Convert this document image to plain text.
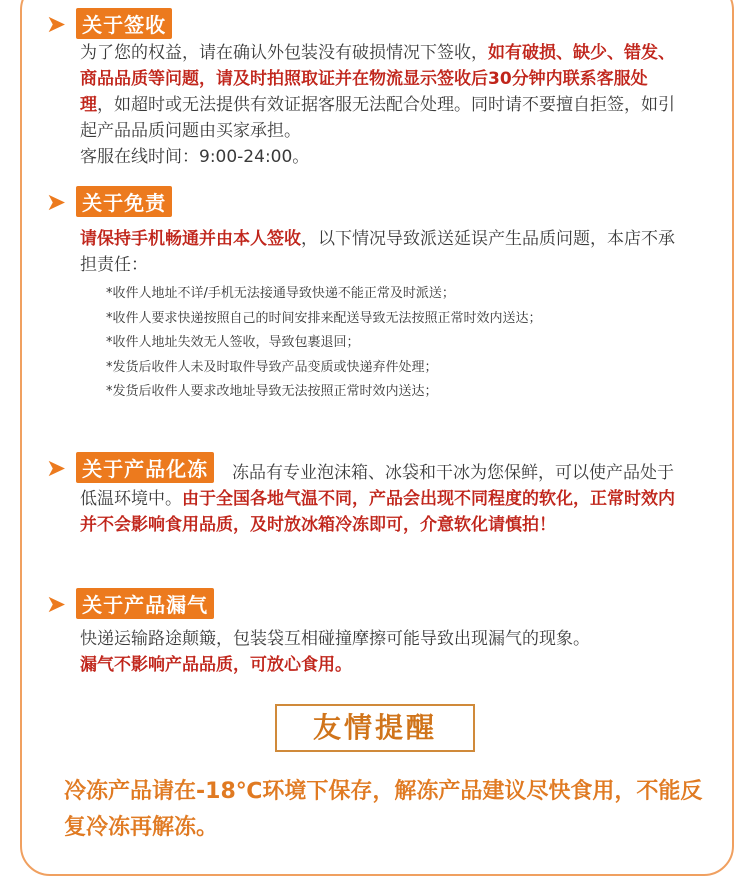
➤ 关于签收
为了您的权益，请在确认外包装没有破损情况下签收，如有破损、缺少、错发、商品品质等问题，请及时拍照取证并在物流显示签收后30分钟内联系客服处理，如超时或无法提供有效证据客服无法配合处理。同时请不要擅自拒签，如引起产品品质问题由买家承担。
客服在线时间：9:00-24:00。
➤ 关于免责
请保持手机畅通并由本人签收，以下情况导致派送延误产生品质问题，本店不承担责任：
*收件人地址不详/手机无法接通导致快递不能正常及时派送；
*收件人要求快递按照自己的时间安排来配送导致无法按照正常时效内送达；
*收件人地址失效无人签收，导致包裹退回；
*发货后收件人未及时取件导致产品变质或快递弃件处理；
*发货后收件人要求改地址导致无法按照正常时效内送达；
➤ 关于产品化冻	冻品有专业泡沫箱、冰袋和干冰为您保鲜，可以使产品处于低温环境中。由于全国各地气温不同，产品会出现不同程度的软化，正常时效内并不会影响食用品质，及时放冰箱冷冻即可，介意软化请慎拍！
➤ 关于产品漏气
快递运输路途颠簸，包装袋互相碰撞摩擦可能导致出现漏气的现象。
漏气不影响产品品质，可放心食用。
友情提醒
冷冻产品请在-18℃环境下保存，解冻产品建议尽快食用，不能反复冷冻再解冻。
